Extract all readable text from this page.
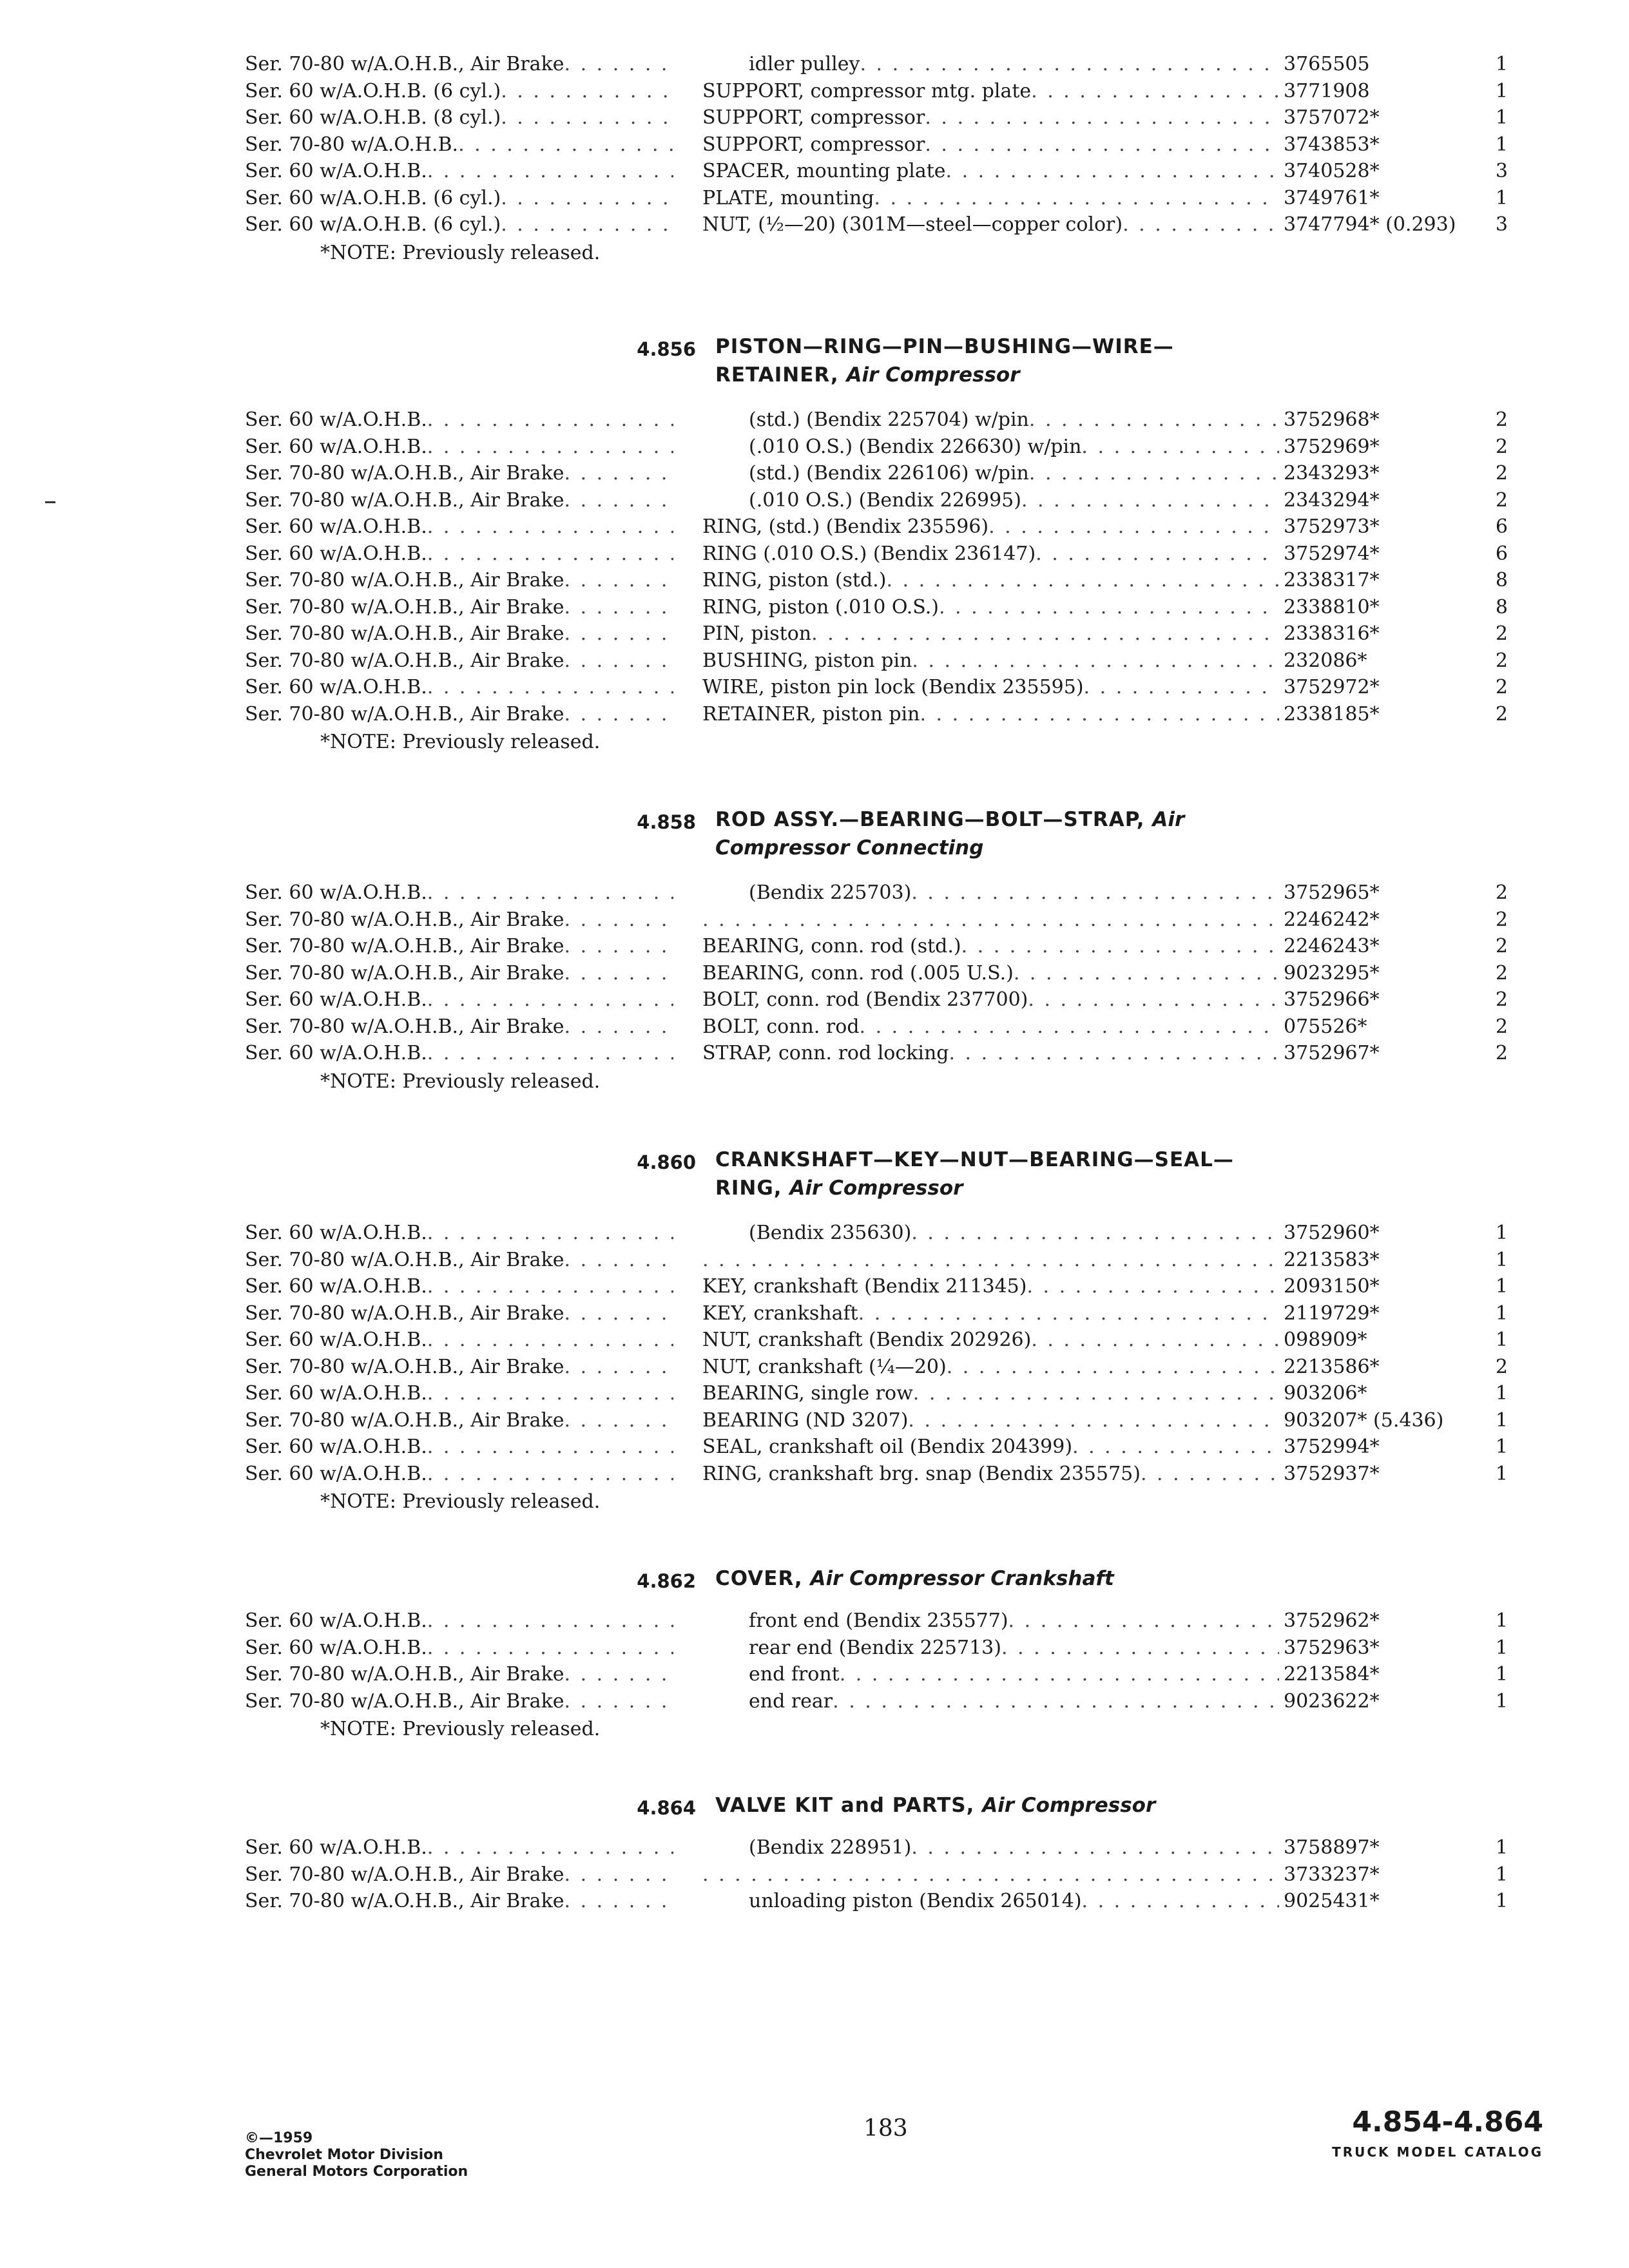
Ser. 70-80 w/A.O.H.B., Air Brake . . .	idler pulley . . .	3765505	1
Ser. 60 w/A.O.H.B. (6 cyl.) . . .	SUPPORT, compressor mtg. plate . . .	3771908	1
Ser. 60 w/A.O.H.B. (8 cyl.) . . .	SUPPORT, compressor . . .	3757072*	1
Ser. 70-80 w/A.O.H.B. . . .	SUPPORT, compressor . . .	3743853*	1
Ser. 60 w/A.O.H.B. . . .	SPACER, mounting plate . . .	3740528*	3
Ser. 60 w/A.O.H.B. (6 cyl.) . . .	PLATE, mounting . . .	3749761*	1
Ser. 60 w/A.O.H.B. (6 cyl.) . . .	NUT, (½—20) (301M—steel—copper color) . . .	3747794* (0.293)	3
*NOTE: Previously released.
4.856 PISTON—RING—PIN—BUSHING—WIRE—
RETAINER, Air Compressor
Ser. 60 w/A.O.H.B. . . .	(std.) (Bendix 225704) w/pin . . .	3752968*	2
Ser. 60 w/A.O.H.B. . . .	(.010 O.S.) (Bendix 226630) w/pin . . .	3752969*	2
Ser. 70-80 w/A.O.H.B., Air Brake . . .	(std.) (Bendix 226106) w/pin . . .	2343293*	2
Ser. 70-80 w/A.O.H.B., Air Brake . . .	(.010 O.S.) (Bendix 226995) . . .	2343294*	2
Ser. 60 w/A.O.H.B. . . .	RING, (std.) (Bendix 235596) . . .	3752973*	6
Ser. 60 w/A.O.H.B. . . .	RING (.010 O.S.) (Bendix 236147) . . .	3752974*	6
Ser. 70-80 w/A.O.H.B., Air Brake . . .	RING, piston (std.) . . .	2338317*	8
Ser. 70-80 w/A.O.H.B., Air Brake . . .	RING, piston (.010 O.S.) . . .	2338810*	8
Ser. 70-80 w/A.O.H.B., Air Brake . . .	PIN, piston . . .	2338316*	2
Ser. 70-80 w/A.O.H.B., Air Brake . . .	BUSHING, piston pin . . .	232086*	2
Ser. 60 w/A.O.H.B. . . .	WIRE, piston pin lock (Bendix 235595) . . .	3752972*	2
Ser. 70-80 w/A.O.H.B., Air Brake . . .	RETAINER, piston pin . . .	2338185*	2
*NOTE: Previously released.
4.858 ROD ASSY.—BEARING—BOLT—STRAP, Air
Compressor Connecting
Ser. 60 w/A.O.H.B. . . .	(Bendix 225703) . . .	3752965*	2
Ser. 70-80 w/A.O.H.B., Air Brake . . . . . .	2246242*	2
Ser. 70-80 w/A.O.H.B., Air Brake . . .	BEARING, conn. rod (std.) . . .	2246243*	2
Ser. 70-80 w/A.O.H.B., Air Brake . . .	BEARING, conn. rod (.005 U.S.) . . .	9023295*	2
Ser. 60 w/A.O.H.B. . . .	BOLT, conn. rod (Bendix 237700) . . .	3752966*	2
Ser. 70-80 w/A.O.H.B., Air Brake . . .	BOLT, conn. rod . . .	075526*	2
Ser. 60 w/A.O.H.B. . . .	STRAP, conn. rod locking . . .	3752967*	2
*NOTE: Previously released.
4.860 CRANKSHAFT—KEY—NUT—BEARING—SEAL—
RING, Air Compressor
Ser. 60 w/A.O.H.B. . . .	(Bendix 235630) . . .	3752960*	1
Ser. 70-80 w/A.O.H.B., Air Brake . . . . . .	2213583*	1
Ser. 60 w/A.O.H.B. . . .	KEY, crankshaft (Bendix 211345) . . .	2093150*	1
Ser. 70-80 w/A.O.H.B., Air Brake . . .	KEY, crankshaft . . .	2119729*	1
Ser. 60 w/A.O.H.B. . . .	NUT, crankshaft (Bendix 202926) . . .	098909*	1
Ser. 70-80 w/A.O.H.B., Air Brake . . .	NUT, crankshaft (¼—20) . . .	2213586*	2
Ser. 60 w/A.O.H.B. . . .	BEARING, single row . . .	903206*	1
Ser. 70-80 w/A.O.H.B., Air Brake . . .	BEARING (ND 3207) . . .	903207* (5.436)	1
Ser. 60 w/A.O.H.B. . . .	SEAL, crankshaft oil (Bendix 204399) . . .	3752994*	1
Ser. 60 w/A.O.H.B. . . .	RING, crankshaft brg. snap (Bendix 235575) . . .	3752937*	1
*NOTE: Previously released.
4.862 COVER, Air Compressor Crankshaft
Ser. 60 w/A.O.H.B. . . .	front end (Bendix 235577) . . .	3752962*	1
Ser. 60 w/A.O.H.B. . . .	rear end (Bendix 225713) . . .	3752963*	1
Ser. 70-80 w/A.O.H.B., Air Brake . . .	end front . . .	2213584*	1
Ser. 70-80 w/A.O.H.B., Air Brake . . .	end rear . . .	9023622*	1
*NOTE: Previously released.
4.864 VALVE KIT and PARTS, Air Compressor
Ser. 60 w/A.O.H.B. . . .	(Bendix 228951) . . .	3758897*	1
Ser. 70-80 w/A.O.H.B., Air Brake . . . . . .	3733237*	1
Ser. 70-80 w/A.O.H.B., Air Brake . . .	unloading piston (Bendix 265014) . . .	9025431*	1
©—1959
Chevrolet Motor Division
General Motors Corporation
183	4.854-4.864
TRUCK MODEL CATALOG
